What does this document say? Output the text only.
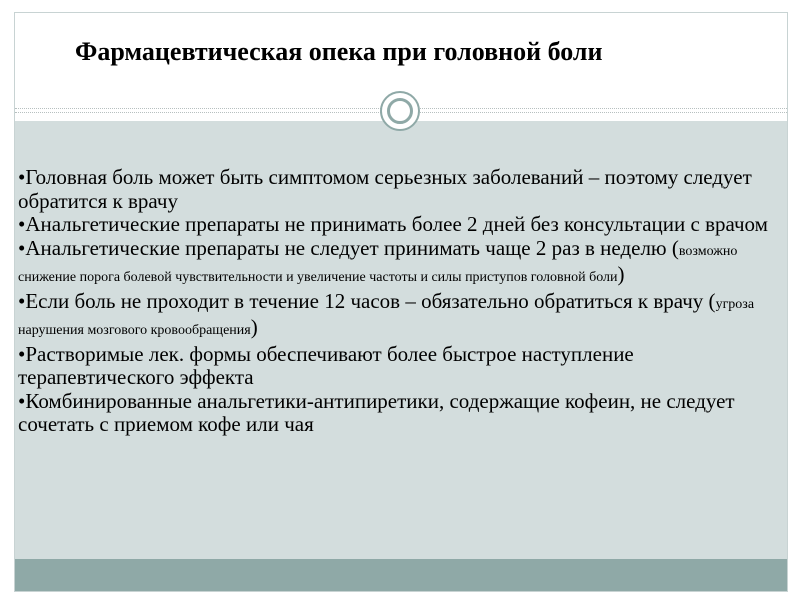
Фармацевтическая опека при головной боли
•Головная боль может быть симптомом серьезных заболеваний – поэтому следует обратится к врачу
•Анальгетические препараты не принимать более 2 дней без консультации с врачом
•Анальгетические препараты не следует принимать чаще 2 раз в неделю (возможно снижение порога болевой чувствительности и увеличение частоты и силы приступов головной боли)
•Если боль не проходит в течение 12 часов – обязательно обратиться к врачу (угроза нарушения мозгового кровообращения)
•Растворимые лек. формы обеспечивают более быстрое наступление терапевтического эффекта
•Комбинированные анальгетики-антипиретики, содержащие кофеин, не следует сочетать с приемом кофе или чая
